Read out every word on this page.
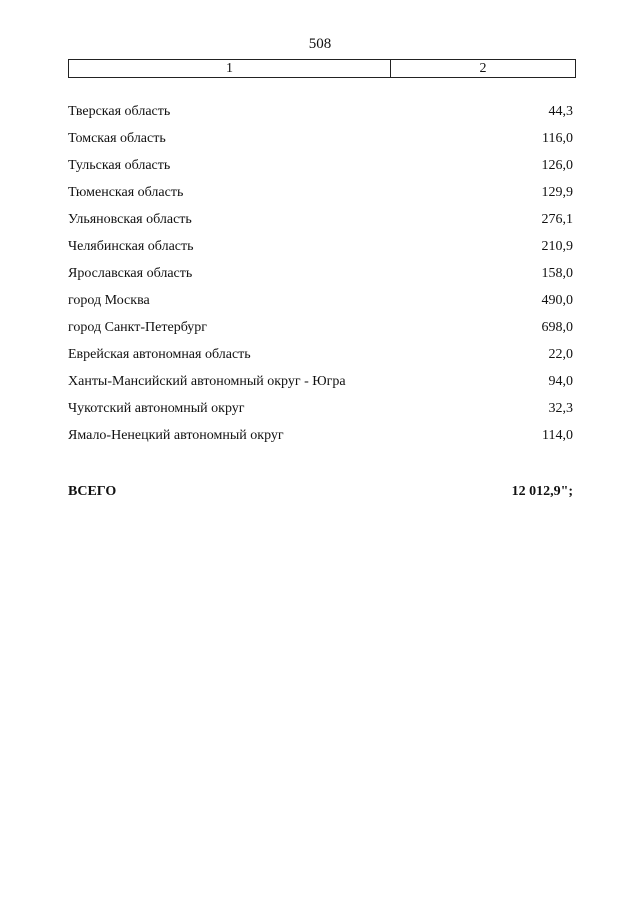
508
1	2
Тверская область	44,3
Томская область	116,0
Тульская область	126,0
Тюменская область	129,9
Ульяновская область	276,1
Челябинская область	210,9
Ярославская область	158,0
город Москва	490,0
город Санкт-Петербург	698,0
Еврейская автономная область	22,0
Ханты-Мансийский автономный округ - Югра	94,0
Чукотский автономный округ	32,3
Ямало-Ненецкий автономный округ	114,0
ВСЕГО	12 012,9";
